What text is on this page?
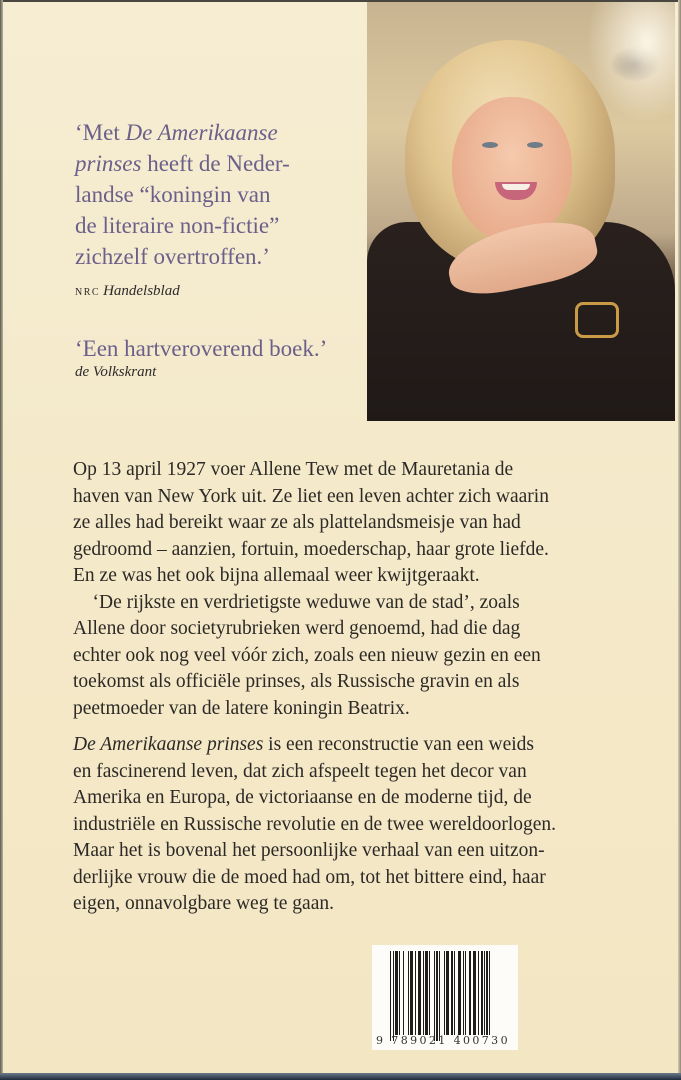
‘Met De Amerikaanse
prinses heeft de Neder-
landse “koningin van
de literaire non-fictie”
zichzelf overtroffen.’
NRC Handelsblad
‘Een hartveroverend boek.’
de Volkskrant
Op 13 april 1927 voer Allene Tew met de Mauretania de
haven van New York uit. Ze liet een leven achter zich waarin
ze alles had bereikt waar ze als plattelandsmeisje van had
gedroomd – aanzien, fortuin, moederschap, haar grote liefde.
En ze was het ook bijna allemaal weer kwijtgeraakt.
‘De rijkste en verdrietigste weduwe van de stad’, zoals
Allene door societyrubrieken werd genoemd, had die dag
echter ook nog veel vóór zich, zoals een nieuw gezin en een
toekomst als officiële prinses, als Russische gravin en als
peetmoeder van de latere koningin Beatrix.
De Amerikaanse prinses is een reconstructie van een weids
en fascinerend leven, dat zich afspeelt tegen het decor van
Amerika en Europa, de victoriaanse en de moderne tijd, de
industriële en Russische revolutie en de twee wereldoorlogen.
Maar het is bovenal het persoonlijke verhaal van een uitzon-
derlijke vrouw die de moed had om, tot het bittere eind, haar
eigen, onnavolgbare weg te gaan.
9 789021 400730
